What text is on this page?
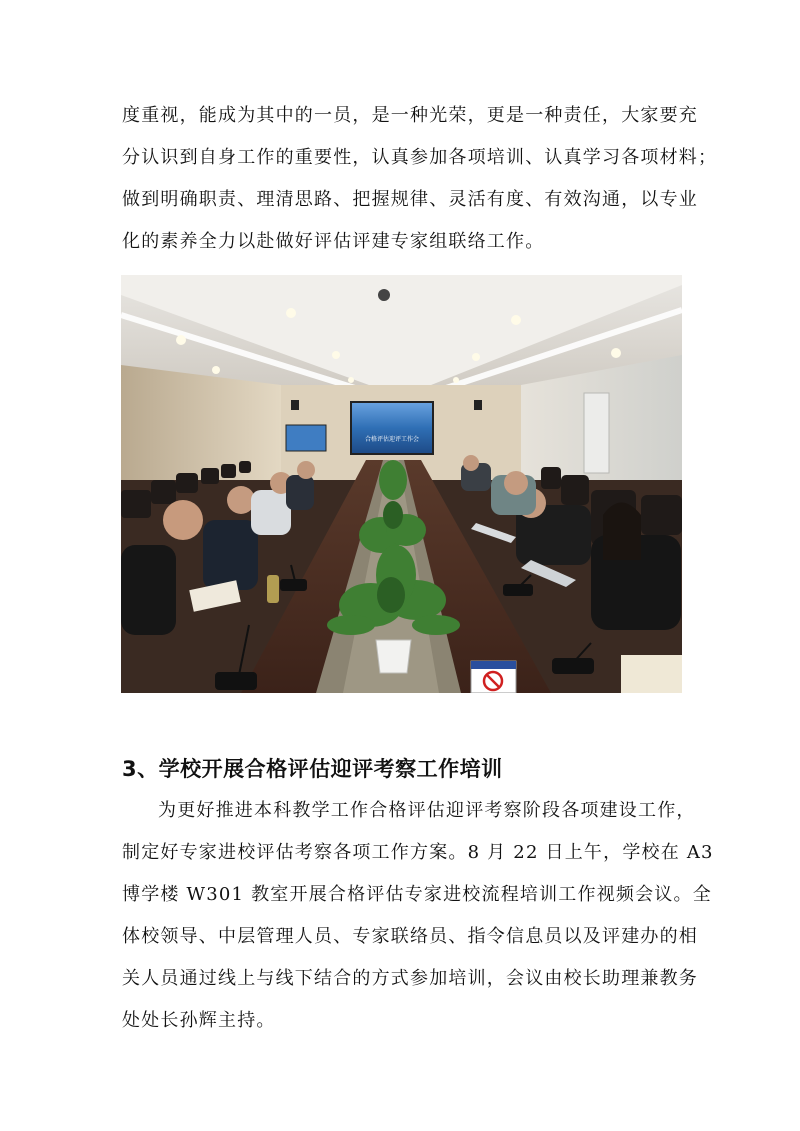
度重视，能成为其中的一员，是一种光荣，更是一种责任，大家要充
分认识到自身工作的重要性，认真参加各项培训、认真学习各项材料；
做到明确职责、理清思路、把握规律、灵活有度、有效沟通，以专业
化的素养全力以赴做好评估评建专家组联络工作。

合格评估迎评工作会
3、学校开展合格评估迎评考察工作培训

为更好推进本科教学工作合格评估迎评考察阶段各项建设工作，
制定好专家进校评估考察各项工作方案。8 月 22 日上午，学校在 A3
博学楼 W301 教室开展合格评估专家进校流程培训工作视频会议。全
体校领导、中层管理人员、专家联络员、指令信息员以及评建办的相
关人员通过线上与线下结合的方式参加培训，会议由校长助理兼教务
处处长孙辉主持。
